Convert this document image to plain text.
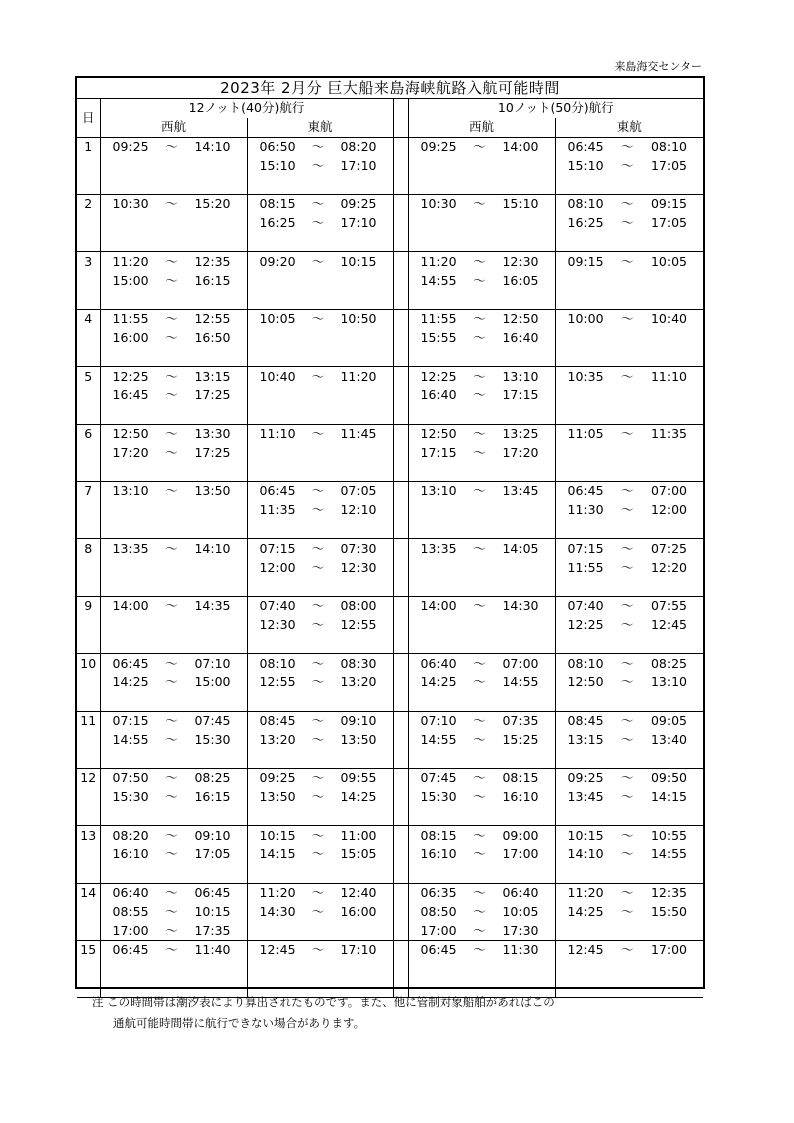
来島海交センター
2023年 2月分 巨大船来島海峡航路入航可能時間
日	12ノット(40分)航行			10ノット(50分)航行	
	西航	東航		西航	東航
1	09:25 ～ 14:10	06:50 ～ 08:20		09:25 ～ 14:00	06:45 ～ 08:10

		15:10 ～ 17:10			15:10 ～ 17:05

2	10:30 ～ 15:20	08:15 ～ 09:25		10:30 ～ 15:10	08:10 ～ 09:15

		16:25 ～ 17:10			16:25 ～ 17:05

3	11:20 ～ 12:35	09:20 ～ 10:15		11:20 ～ 12:30	09:15 ～ 10:05

	15:00 ～ 16:15			14:55 ～ 16:05	

4	11:55 ～ 12:55	10:05 ～ 10:50		11:55 ～ 12:50	10:00 ～ 10:40

	16:00 ～ 16:50			15:55 ～ 16:40	

5	12:25 ～ 13:15	10:40 ～ 11:20		12:25 ～ 13:10	10:35 ～ 11:10

	16:45 ～ 17:25			16:40 ～ 17:15	

6	12:50 ～ 13:30	11:10 ～ 11:45		12:50 ～ 13:25	11:05 ～ 11:35

	17:20 ～ 17:25			17:15 ～ 17:20	

7	13:10 ～ 13:50	06:45 ～ 07:05		13:10 ～ 13:45	06:45 ～ 07:00

		11:35 ～ 12:10			11:30 ～ 12:00

8	13:35 ～ 14:10	07:15 ～ 07:30		13:35 ～ 14:05	07:15 ～ 07:25

		12:00 ～ 12:30			11:55 ～ 12:20

9	14:00 ～ 14:35	07:40 ～ 08:00		14:00 ～ 14:30	07:40 ～ 07:55

		12:30 ～ 12:55			12:25 ～ 12:45

10	06:45 ～ 07:10	08:10 ～ 08:30		06:40 ～ 07:00	08:10 ～ 08:25

	14:25 ～ 15:00	12:55 ～ 13:20		14:25 ～ 14:55	12:50 ～ 13:10

11	07:15 ～ 07:45	08:45 ～ 09:10		07:10 ～ 07:35	08:45 ～ 09:05

	14:55 ～ 15:30	13:20 ～ 13:50		14:55 ～ 15:25	13:15 ～ 13:40

12	07:50 ～ 08:25	09:25 ～ 09:55		07:45 ～ 08:15	09:25 ～ 09:50

	15:30 ～ 16:15	13:50 ～ 14:25		15:30 ～ 16:10	13:45 ～ 14:15

13	08:20 ～ 09:10	10:15 ～ 11:00		08:15 ～ 09:00	10:15 ～ 10:55

	16:10 ～ 17:05	14:15 ～ 15:05		16:10 ～ 17:00	14:10 ～ 14:55

14	06:40 ～ 06:45	11:20 ～ 12:40		06:35 ～ 06:40	11:20 ～ 12:35

	08:55 ～ 10:15	14:30 ～ 16:00		08:50 ～ 10:05	14:25 ～ 15:50

	17:00 ～ 17:35			17:00 ～ 17:30	

15	06:45 ～ 11:40	12:45 ～ 17:10		06:45 ～ 11:30	12:45 ～ 17:00

注 この時間帯は潮汐表により算出されたものです。また、他に管制対象船舶があればこの
通航可能時間帯に航行できない場合があります。
